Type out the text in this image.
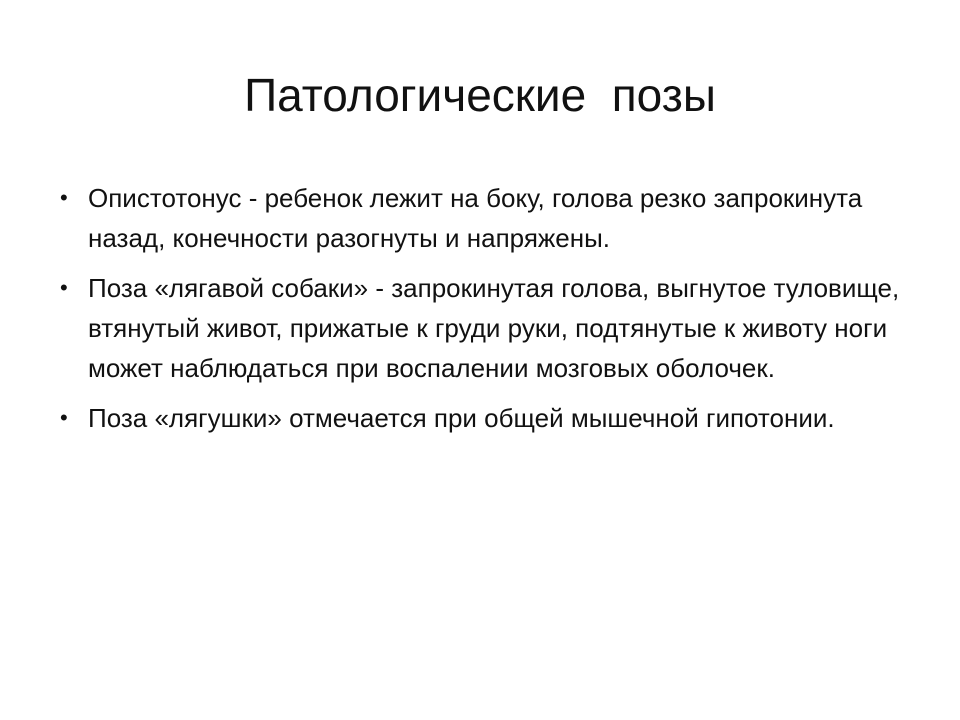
Патологические  позы
• Опистотонус - ребенок лежит на боку, голова резко запрокинута назад, конечности разогнуты и напряжены.
• Поза «лягавой собаки» - запрокинутая голова, выгнутое туловище, втянутый живот, прижатые к груди руки, подтянутые к животу ноги может наблюдаться при воспалении мозговых оболочек.
• Поза «лягушки» отмечается при общей мышечной гипотонии.
